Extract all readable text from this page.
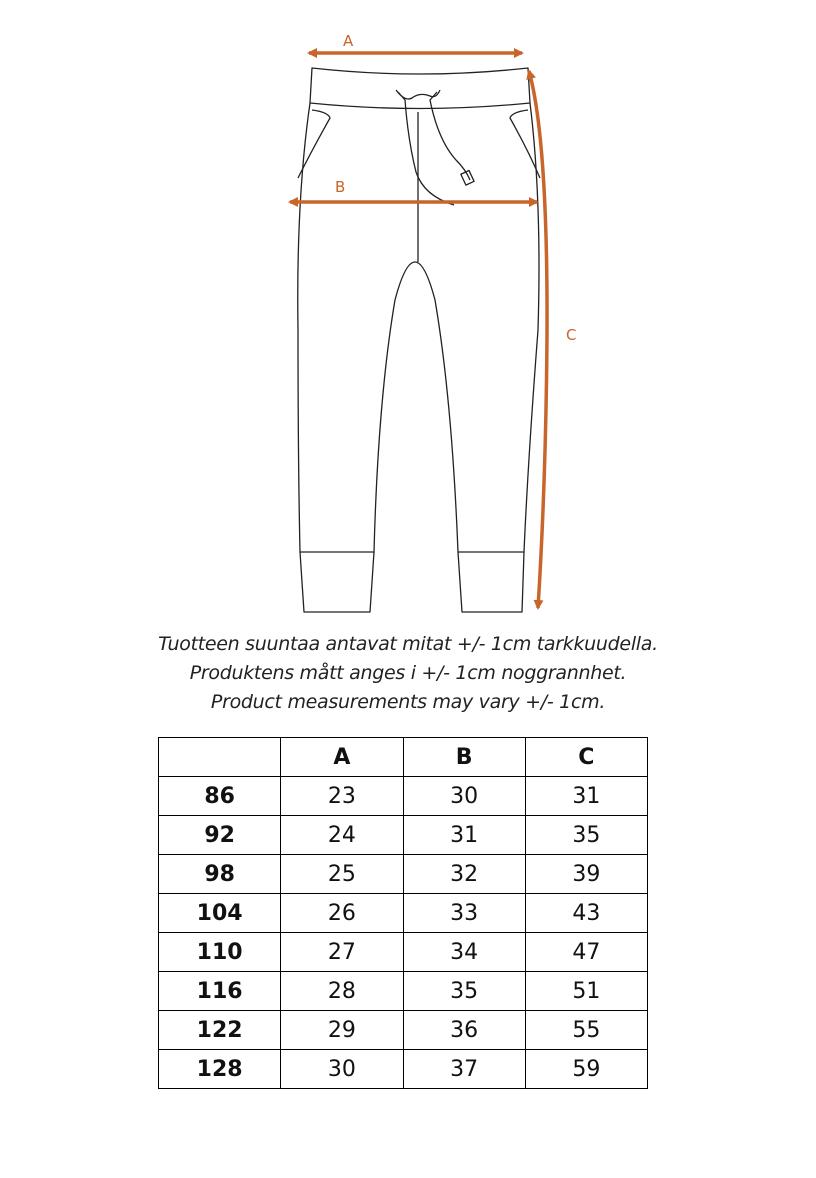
A
B
C
Tuotteen suuntaa antavat mitat +/- 1cm tarkkuudella.
Produktens mått anges i +/- 1cm noggrannhet.
Product measurements may vary +/- 1cm.
	A	B	C
86	23	30	31
92	24	31	35
98	25	32	39
104	26	33	43
110	27	34	47
116	28	35	51
122	29	36	55
128	30	37	59
